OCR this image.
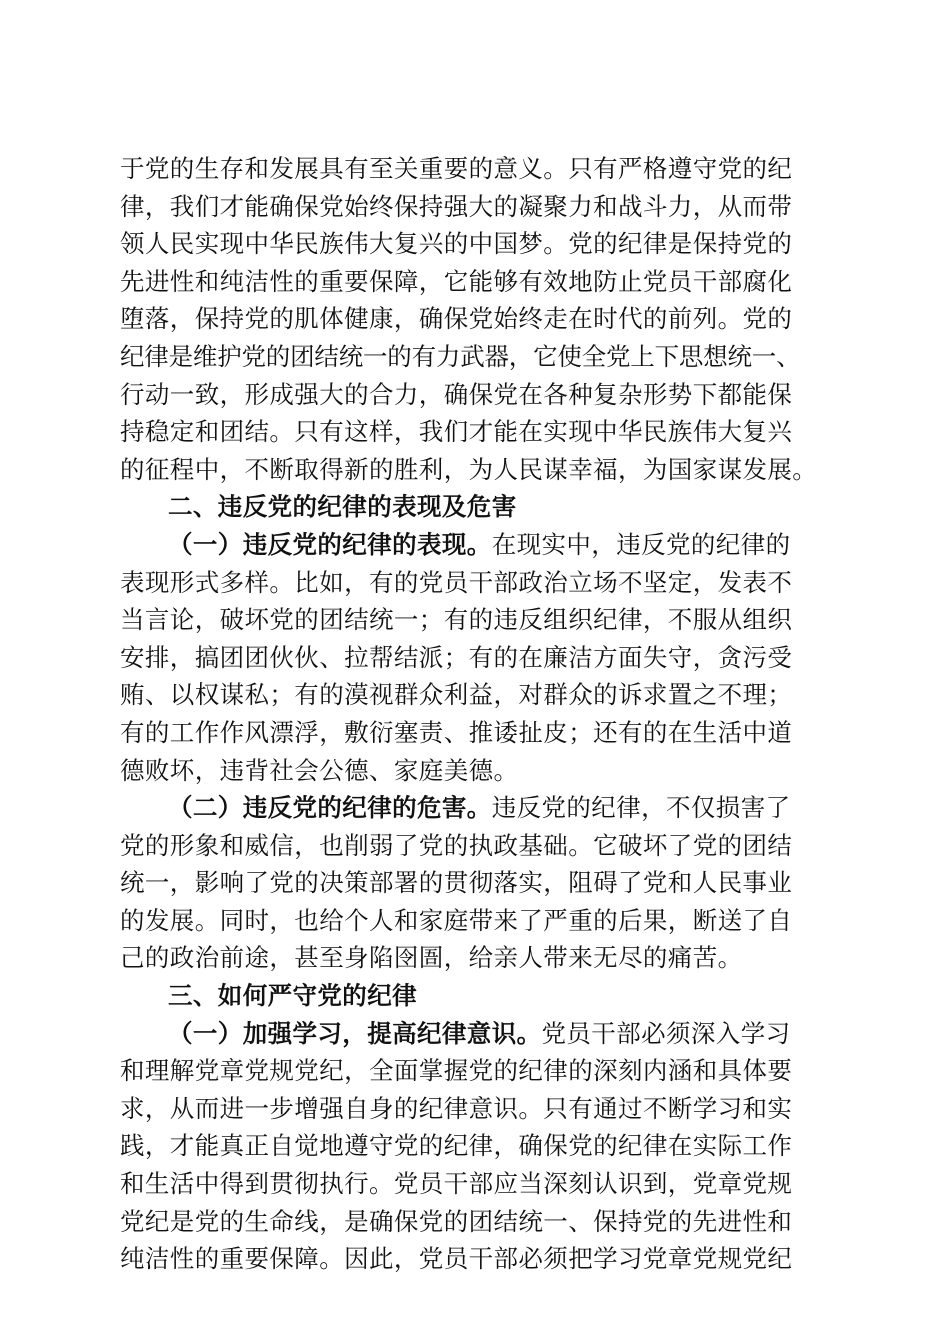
于党的生存和发展具有至关重要的意义。只有严格遵守党的纪
律，我们才能确保党始终保持强大的凝聚力和战斗力，从而带
领人民实现中华民族伟大复兴的中国梦。党的纪律是保持党的
先进性和纯洁性的重要保障，它能够有效地防止党员干部腐化
堕落，保持党的肌体健康，确保党始终走在时代的前列。党的
纪律是维护党的团结统一的有力武器，它使全党上下思想统一、
行动一致，形成强大的合力，确保党在各种复杂形势下都能保
持稳定和团结。只有这样，我们才能在实现中华民族伟大复兴
的征程中，不断取得新的胜利，为人民谋幸福，为国家谋发展。
二、违反党的纪律的表现及危害
（一）违反党的纪律的表现。在现实中，违反党的纪律的
表现形式多样。比如，有的党员干部政治立场不坚定，发表不
当言论，破坏党的团结统一；有的违反组织纪律，不服从组织
安排，搞团团伙伙、拉帮结派；有的在廉洁方面失守，贪污受
贿、以权谋私；有的漠视群众利益，对群众的诉求置之不理；
有的工作作风漂浮，敷衍塞责、推诿扯皮；还有的在生活中道
德败坏，违背社会公德、家庭美德。
（二）违反党的纪律的危害。违反党的纪律，不仅损害了
党的形象和威信，也削弱了党的执政基础。它破坏了党的团结
统一，影响了党的决策部署的贯彻落实，阻碍了党和人民事业
的发展。同时，也给个人和家庭带来了严重的后果，断送了自
己的政治前途，甚至身陷囹圄，给亲人带来无尽的痛苦。
三、如何严守党的纪律
（一）加强学习，提高纪律意识。党员干部必须深入学习
和理解党章党规党纪，全面掌握党的纪律的深刻内涵和具体要
求，从而进一步增强自身的纪律意识。只有通过不断学习和实
践，才能真正自觉地遵守党的纪律，确保党的纪律在实际工作
和生活中得到贯彻执行。党员干部应当深刻认识到，党章党规
党纪是党的生命线，是确保党的团结统一、保持党的先进性和
纯洁性的重要保障。因此，党员干部必须把学习党章党规党纪
